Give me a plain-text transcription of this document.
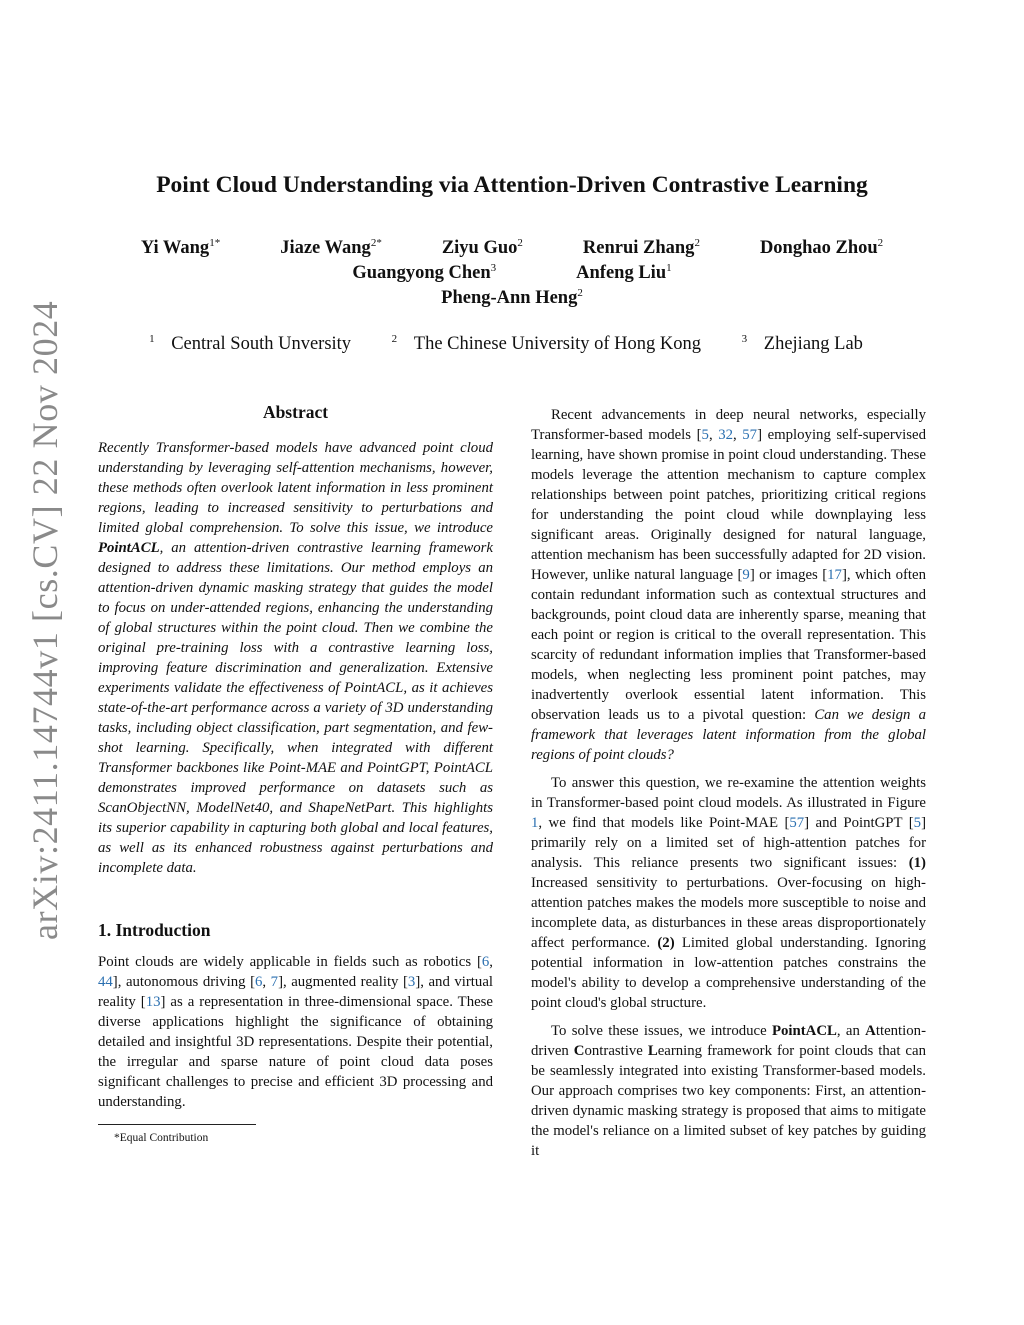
arXiv:2411.14744v1 [cs.CV] 22 Nov 2024
Point Cloud Understanding via Attention-Driven Contrastive Learning
Yi Wang$^{1*}$	Jiaze Wang$^{2*}$	Ziyu Guo$^2$	Renrui Zhang$^2$	Donghao Zhou$^2$
Guangyong Chen$^3$	Anfeng Liu$^1$
Pheng-Ann Heng$^2$
$^1$ Central South Unversity	$^2$ The Chinese University of Hong Kong	$^3$ Zhejiang Lab
Abstract

Recently Transformer-based models have advanced point cloud understanding by leveraging self-attention mechanisms, however, these methods often overlook latent information in less prominent regions, leading to increased sensitivity to perturbations and limited global comprehension. To solve this issue, we introduce PointACL, an attention-driven contrastive learning framework designed to address these limitations. Our method employs an attention-driven dynamic masking strategy that guides the model to focus on under-attended regions, enhancing the understanding of global structures within the point cloud. Then we combine the original pre-training loss with a contrastive learning loss, improving feature discrimination and generalization. Extensive experiments validate the effectiveness of PointACL, as it achieves state-of-the-art performance across a variety of 3D understanding tasks, including object classification, part segmentation, and few-shot learning. Specifically, when integrated with different Transformer backbones like Point-MAE and PointGPT, PointACL demonstrates improved performance on datasets such as ScanObjectNN, ModelNet40, and ShapeNetPart. This highlights its superior capability in capturing both global and local features, as well as its enhanced robustness against perturbations and incomplete data.

1. Introduction

Point clouds are widely applicable in fields such as robotics [6, 44], autonomous driving [6, 7], augmented reality [3], and virtual reality [13] as a representation in three-dimensional space. These diverse applications highlight the significance of obtaining detailed and insightful 3D representations. Despite their potential, the irregular and sparse nature of point cloud data poses significant challenges to precise and efficient 3D processing and understanding.

*Equal Contribution

Recent advancements in deep neural networks, especially Transformer-based models [5, 32, 57] employing self-supervised learning, have shown promise in point cloud understanding. These models leverage the attention mechanism to capture complex relationships between point patches, prioritizing critical regions for understanding the point cloud while downplaying less significant areas. Originally designed for natural language, attention mechanism has been successfully adapted for 2D vision. However, unlike natural language [9] or images [17], which often contain redundant information such as contextual structures and backgrounds, point cloud data are inherently sparse, meaning that each point or region is critical to the overall representation. This scarcity of redundant information implies that Transformer-based models, when neglecting less prominent point patches, may inadvertently overlook essential latent information. This observation leads us to a pivotal question: Can we design a framework that leverages latent information from the global regions of point clouds?

To answer this question, we re-examine the attention weights in Transformer-based point cloud models. As illustrated in Figure 1, we find that models like Point-MAE [57] and PointGPT [5] primarily rely on a limited set of high-attention patches for analysis. This reliance presents two significant issues: (1) Increased sensitivity to perturbations. Over-focusing on high-attention patches makes the models more susceptible to noise and incomplete data, as disturbances in these areas disproportionately affect performance. (2) Limited global understanding. Ignoring potential information in low-attention patches constrains the model's ability to develop a comprehensive understanding of the point cloud's global structure.

To solve these issues, we introduce PointACL, an Attention-driven Contrastive Learning framework for point clouds that can be seamlessly integrated into existing Transformer-based models. Our approach comprises two key components: First, an attention-driven dynamic masking strategy is proposed that aims to mitigate the model's reliance on a limited subset of key patches by guiding it
